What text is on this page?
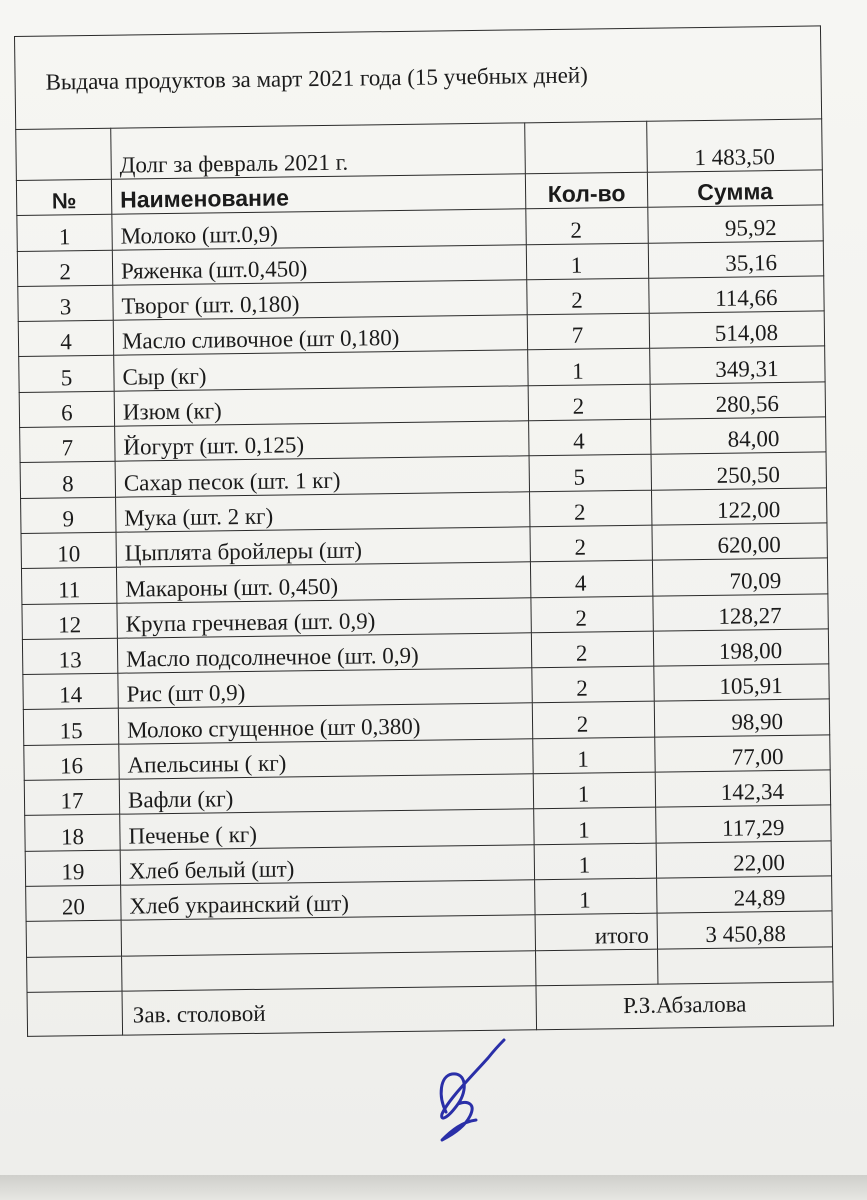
Выдача продуктов за март 2021 года (15 учебных дней)			
	Долг за февраль 2021 г.		1 483,50
№	Наименование	Кол-во	Сумма
1	Молоко (шт.0,9)	2	95,92
2	Ряженка (шт.0,450)	1	35,16
3	Творог (шт. 0,180)	2	114,66
4	Масло сливочное (шт 0,180)	7	514,08
5	Сыр (кг)	1	349,31
6	Изюм (кг)	2	280,56
7	Йогурт (шт. 0,125)	4	84,00
8	Сахар песок (шт. 1 кг)	5	250,50
9	Мука (шт. 2 кг)	2	122,00
10	Цыплята бройлеры (шт)	2	620,00
11	Макароны (шт. 0,450)	4	70,09
12	Крупа гречневая (шт. 0,9)	2	128,27
13	Масло подсолнечное (шт. 0,9)	2	198,00
14	Рис (шт 0,9)	2	105,91
15	Молоко сгущенное (шт 0,380)	2	98,90
16	Апельсины ( кг)	1	77,00
17	Вафли (кг)	1	142,34
18	Печенье ( кг)	1	117,29
19	Хлеб белый (шт)	1	22,00
20	Хлеб украинский (шт)	1	24,89
		итого	3 450,88

	Зав. столовой	Р.З.Абзалова	
